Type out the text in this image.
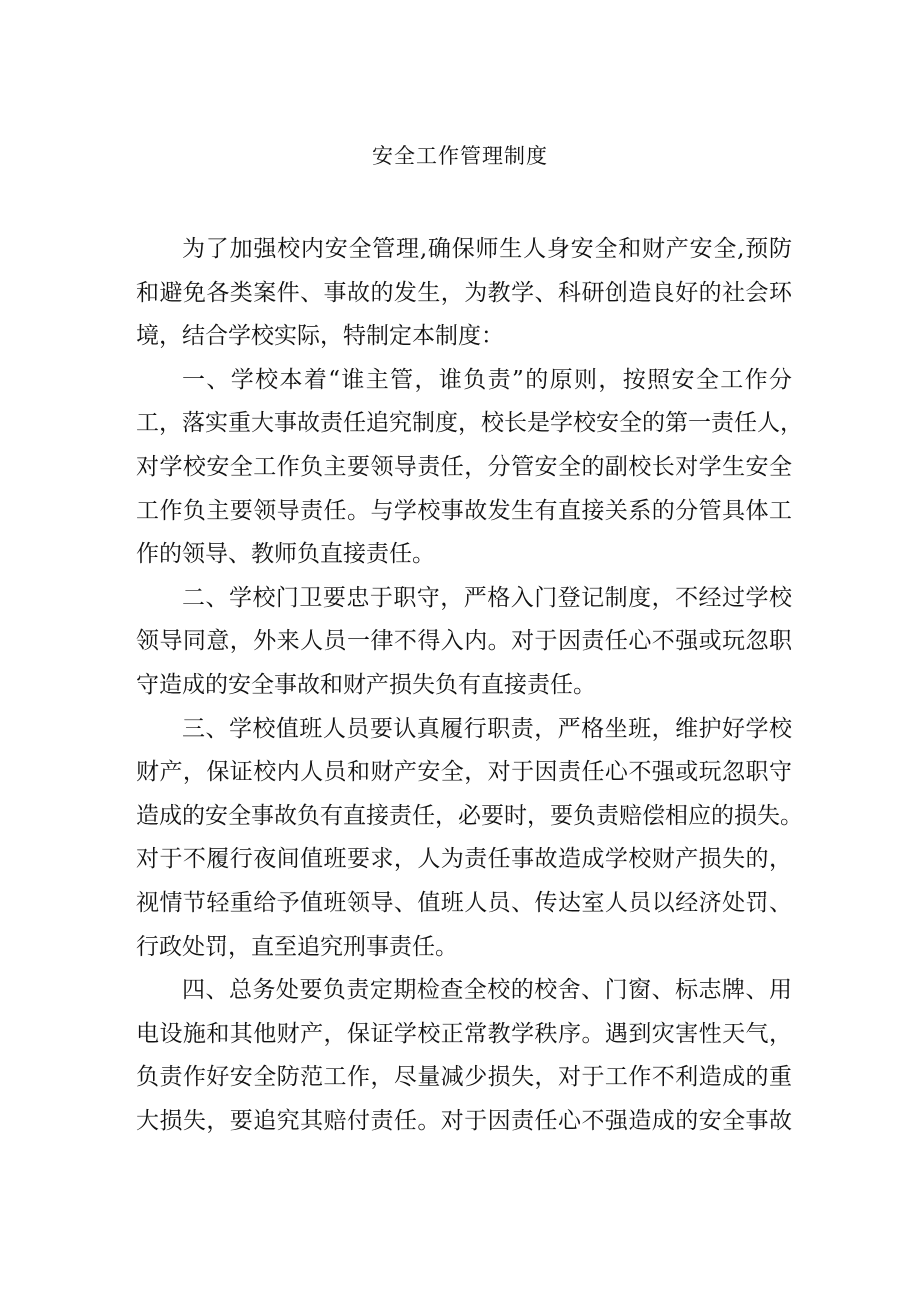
安全工作管理制度
为了加强校内安全管理,确保师生人身安全和财产安全,预防
和避免各类案件、事故的发生，为教学、科研创造良好的社会环
境，结合学校实际，特制定本制度：
一、学校本着“谁主管，谁负责”的原则，按照安全工作分
工，落实重大事故责任追究制度，校长是学校安全的第一责任人，
对学校安全工作负主要领导责任，分管安全的副校长对学生安全
工作负主要领导责任。与学校事故发生有直接关系的分管具体工
作的领导、教师负直接责任。
二、学校门卫要忠于职守，严格入门登记制度，不经过学校
领导同意，外来人员一律不得入内。对于因责任心不强或玩忽职
守造成的安全事故和财产损失负有直接责任。
三、学校值班人员要认真履行职责，严格坐班，维护好学校
财产，保证校内人员和财产安全，对于因责任心不强或玩忽职守
造成的安全事故负有直接责任，必要时，要负责赔偿相应的损失。
对于不履行夜间值班要求，人为责任事故造成学校财产损失的，
视情节轻重给予值班领导、值班人员、传达室人员以经济处罚、
行政处罚，直至追究刑事责任。
四、总务处要负责定期检查全校的校舍、门窗、标志牌、用
电设施和其他财产，保证学校正常教学秩序。遇到灾害性天气，
负责作好安全防范工作，尽量减少损失，对于工作不利造成的重
大损失，要追究其赔付责任。对于因责任心不强造成的安全事故
